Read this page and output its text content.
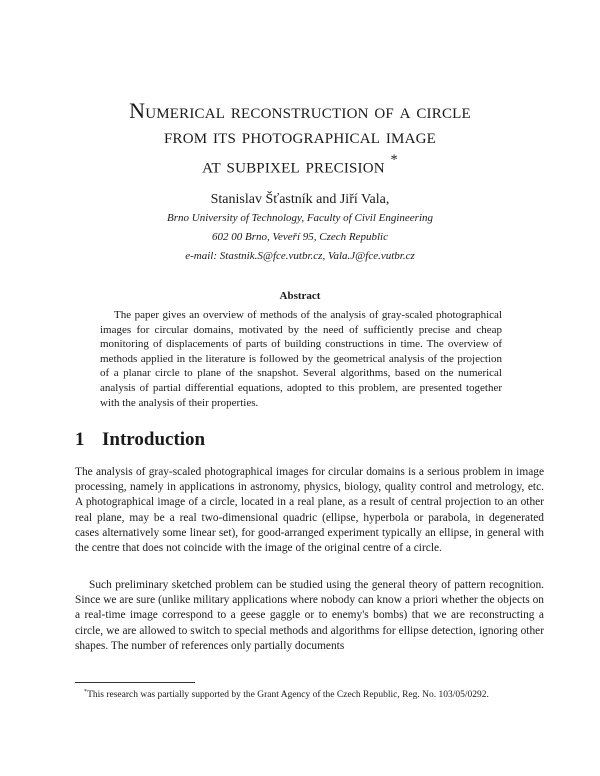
Numerical reconstruction of a circle
from its photographical image
at subpixel precision *
Stanislav Šťastník and Jiří Vala,
Brno University of Technology, Faculty of Civil Engineering
602 00 Brno, Veveří 95, Czech Republic
e-mail: Stastnik.S@fce.vutbr.cz, Vala.J@fce.vutbr.cz
Abstract
The paper gives an overview of methods of the analysis of gray-scaled photographical images for circular domains, motivated by the need of sufficiently precise and cheap monitoring of displacements of parts of building constructions in time. The overview of methods applied in the literature is followed by the geometrical analysis of the projection of a planar circle to plane of the snapshot. Several algorithms, based on the numerical analysis of partial differential equations, adopted to this problem, are presented together with the analysis of their properties.
1 Introduction
The analysis of gray-scaled photographical images for circular domains is a serious problem in image processing, namely in applications in astronomy, physics, biology, quality control and metrology, etc. A photographical image of a circle, located in a real plane, as a result of central projection to an other real plane, may be a real two-dimensional quadric (ellipse, hyperbola or parabola, in degenerated cases alternatively some linear set), for good-arranged experiment typically an ellipse, in general with the centre that does not coincide with the image of the original centre of a circle.
Such preliminary sketched problem can be studied using the general theory of pattern recognition. Since we are sure (unlike military applications where nobody can know a priori whether the objects on a real-time image correspond to a geese gaggle or to enemy's bombs) that we are reconstructing a circle, we are allowed to switch to special methods and algorithms for ellipse detection, ignoring other shapes. The number of references only partially documents
*This research was partially supported by the Grant Agency of the Czech Republic, Reg. No. 103/05/0292.
